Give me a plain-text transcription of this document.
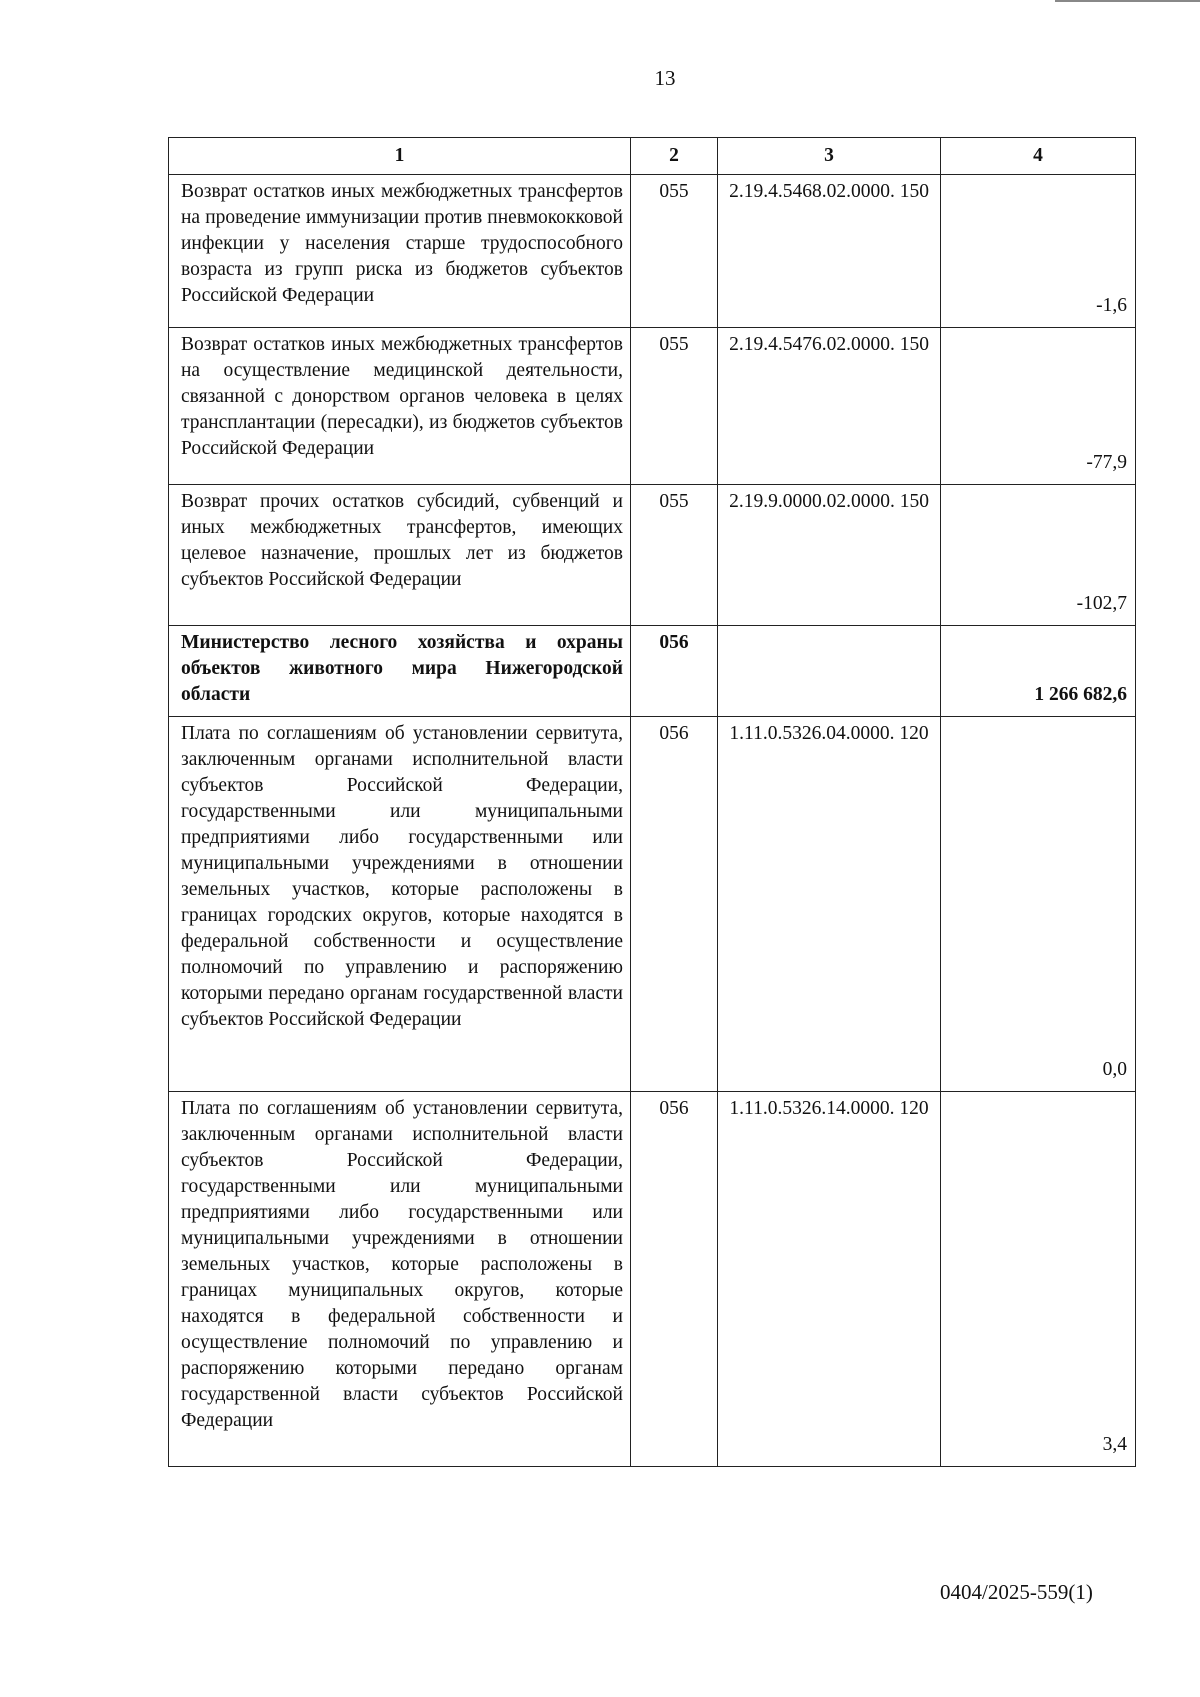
13
1	2	3	4
Возврат остатков иных межбюджетных трансфертов на проведение иммунизации против пневмококковой инфекции у населения старше трудоспособного возраста из групп риска из бюджетов субъектов Российской Федерации	055	2.19.4.5468.02.0000. 150	-1,6
Возврат остатков иных межбюджетных трансфертов на осуществление медицинской деятельности, связанной с донорством органов человека в целях трансплантации (пересадки), из бюджетов субъектов Российской Федерации	055	2.19.4.5476.02.0000. 150	-77,9
Возврат прочих остатков субсидий, субвенций и иных межбюджетных трансфертов, имеющих целевое назначение, прошлых лет из бюджетов субъектов Российской Федерации	055	2.19.9.0000.02.0000. 150	-102,7
Министерство лесного хозяйства и охраны объектов животного мира Нижегородской области	056		1 266 682,6
Плата по соглашениям об установлении сервитута, заключенным органами исполнительной власти субъектов Российской Федерации, государственными или муниципальными предприятиями либо государственными или муниципальными учреждениями в отношении земельных участков, которые расположены в границах городских округов, которые находятся в федеральной собственности и осуществление полномочий по управлению и распоряжению которыми передано органам государственной власти субъектов Российской Федерации	056	1.11.0.5326.04.0000. 120	0,0
Плата по соглашениям об установлении сервитута, заключенным органами исполнительной власти субъектов Российской Федерации, государственными или муниципальными предприятиями либо государственными или муниципальными учреждениями в отношении земельных участков, которые расположены в границах муниципальных округов, которые находятся в федеральной собственности и осуществление полномочий по управлению и распоряжению которыми передано органам государственной власти субъектов Российской Федерации	056	1.11.0.5326.14.0000. 120	3,4
0404/2025-559(1)
